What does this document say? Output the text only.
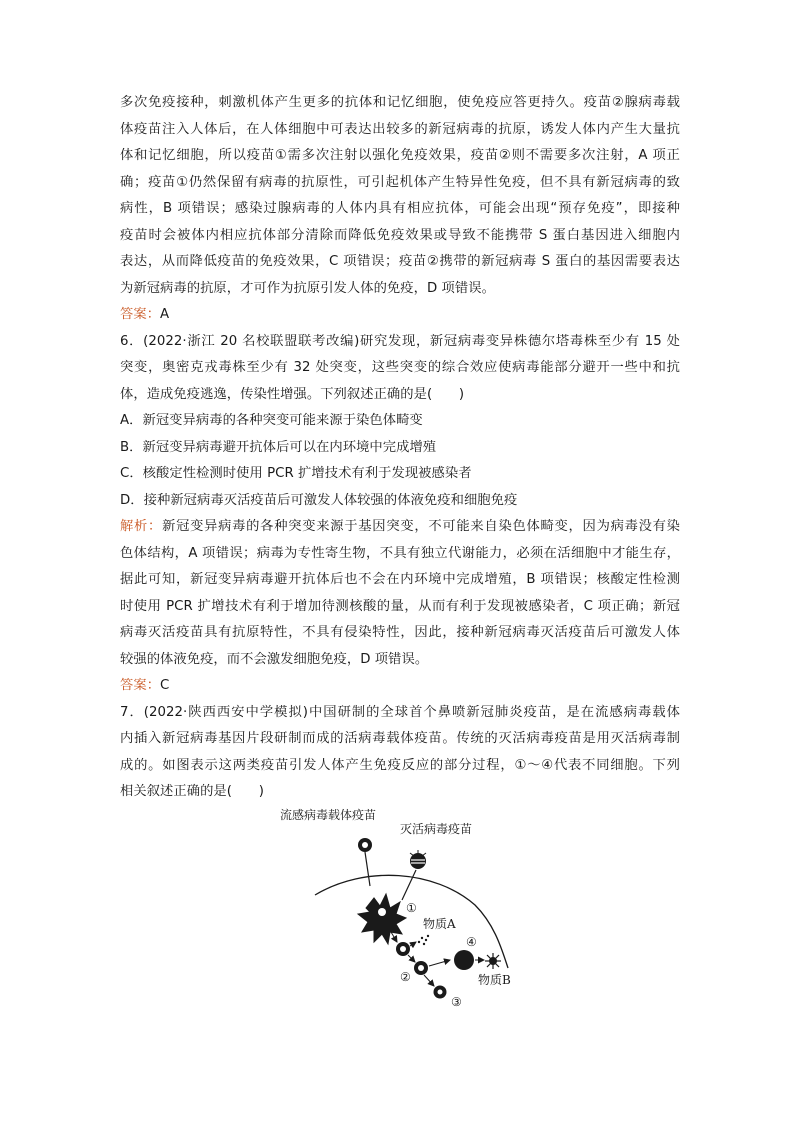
多次免疫接种，刺激机体产生更多的抗体和记忆细胞，使免疫应答更持久。疫苗②腺病毒载
体疫苗注入人体后，在人体细胞中可表达出较多的新冠病毒的抗原，诱发人体内产生大量抗
体和记忆细胞，所以疫苗①需多次注射以强化免疫效果，疫苗②则不需要多次注射，A 项正
确；疫苗①仍然保留有病毒的抗原性，可引起机体产生特异性免疫，但不具有新冠病毒的致
病性，B 项错误；感染过腺病毒的人体内具有相应抗体，可能会出现“预存免疫”，即接种
疫苗时会被体内相应抗体部分清除而降低免疫效果或导致不能携带 S 蛋白基因进入细胞内
表达，从而降低疫苗的免疫效果，C 项错误；疫苗②携带的新冠病毒 S 蛋白的基因需要表达
为新冠病毒的抗原，才可作为抗原引发人体的免疫，D 项错误。
答案：A
6．(2022·浙江 20 名校联盟联考改编)研究发现，新冠病毒变异株德尔塔毒株至少有 15 处
突变，奥密克戎毒株至少有 32 处突变，这些突变的综合效应使病毒能部分避开一些中和抗
体，造成免疫逃逸，传染性增强。下列叙述正确的是(　　)
A．新冠变异病毒的各种突变可能来源于染色体畸变
B．新冠变异病毒避开抗体后可以在内环境中完成增殖
C．核酸定性检测时使用 PCR 扩增技术有利于发现被感染者
D．接种新冠病毒灭活疫苗后可激发人体较强的体液免疫和细胞免疫
解析：新冠变异病毒的各种突变来源于基因突变，不可能来自染色体畸变，因为病毒没有染
色体结构，A 项错误；病毒为专性寄生物，不具有独立代谢能力，必须在活细胞中才能生存，
据此可知，新冠变异病毒避开抗体后也不会在内环境中完成增殖，B 项错误；核酸定性检测
时使用 PCR 扩增技术有利于增加待测核酸的量，从而有利于发现被感染者，C 项正确；新冠
病毒灭活疫苗具有抗原特性，不具有侵染特性，因此，接种新冠病毒灭活疫苗后可激发人体
较强的体液免疫，而不会激发细胞免疫，D 项错误。
答案：C
7．(2022·陕西西安中学模拟)中国研制的全球首个鼻喷新冠肺炎疫苗，是在流感病毒载体
内插入新冠病毒基因片段研制而成的活病毒载体疫苗。传统的灭活病毒疫苗是用灭活病毒制
成的。如图表示这两类疫苗引发人体产生免疫反应的部分过程，①～④代表不同细胞。下列
相关叙述正确的是(　　)
流感病毒载体疫苗
灭活病毒疫苗
①
物质A
②
④
物质B
③
